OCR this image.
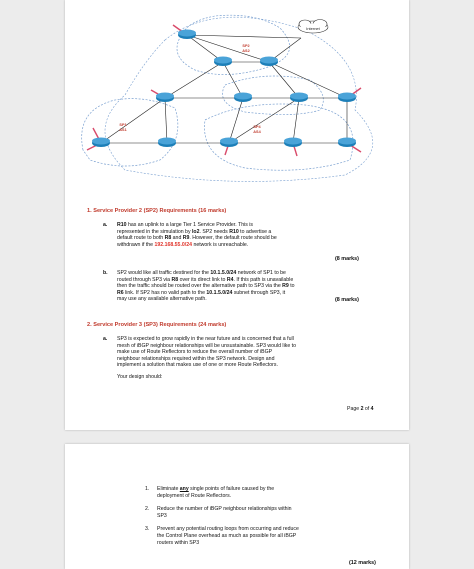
Internet
SP2
AS2
SP1
AS1
SP4
AS4
1. Service Provider 2 (SP2) Requirements (16 marks)
a. R10 has an uplink to a large Tier 1 Service Provider. This is
represented in the simulation by lo2. SP2 needs R10 to advertise a
default route to both R8 and R9. However, the default route should be
withdrawn if the 192.168.55.0/24 network is unreachable.
(8 marks)
b. SP2 would like all traffic destined for the 10.1.5.0/24 network of SP1 to be
routed through SP3 via R8 over its direct link to R4. If this path is unavailable
then the traffic should be routed over the alternative path to SP3 via the R9 to
R6 link. If SP2 has no valid path to the 10.1.5.0/24 subnet through SP3, it
may use any available alternative path.	(8 marks)
2. Service Provider 3 (SP3) Requirements (24 marks)
a. SP3 is expected to grow rapidly in the near future and is concerned that a full
mesh of iBGP neighbour relationships will be unsustainable. SP3 would like to
make use of Route Reflectors to reduce the overall number of iBGP
neighbour relationships required within the SP3 network. Design and
implement a solution that makes use of one or more Route Reflectors.
Your design should:
Page 2 of 4
1. Eliminate any single points of failure caused by the
deployment of Route Reflectors.
2. Reduce the number of iBGP neighbour relationships within
SP3
3. Prevent any potential routing loops from occurring and reduce
the Control Plane overhead as much as possible for all iBGP
routers within SP3
(12 marks)
